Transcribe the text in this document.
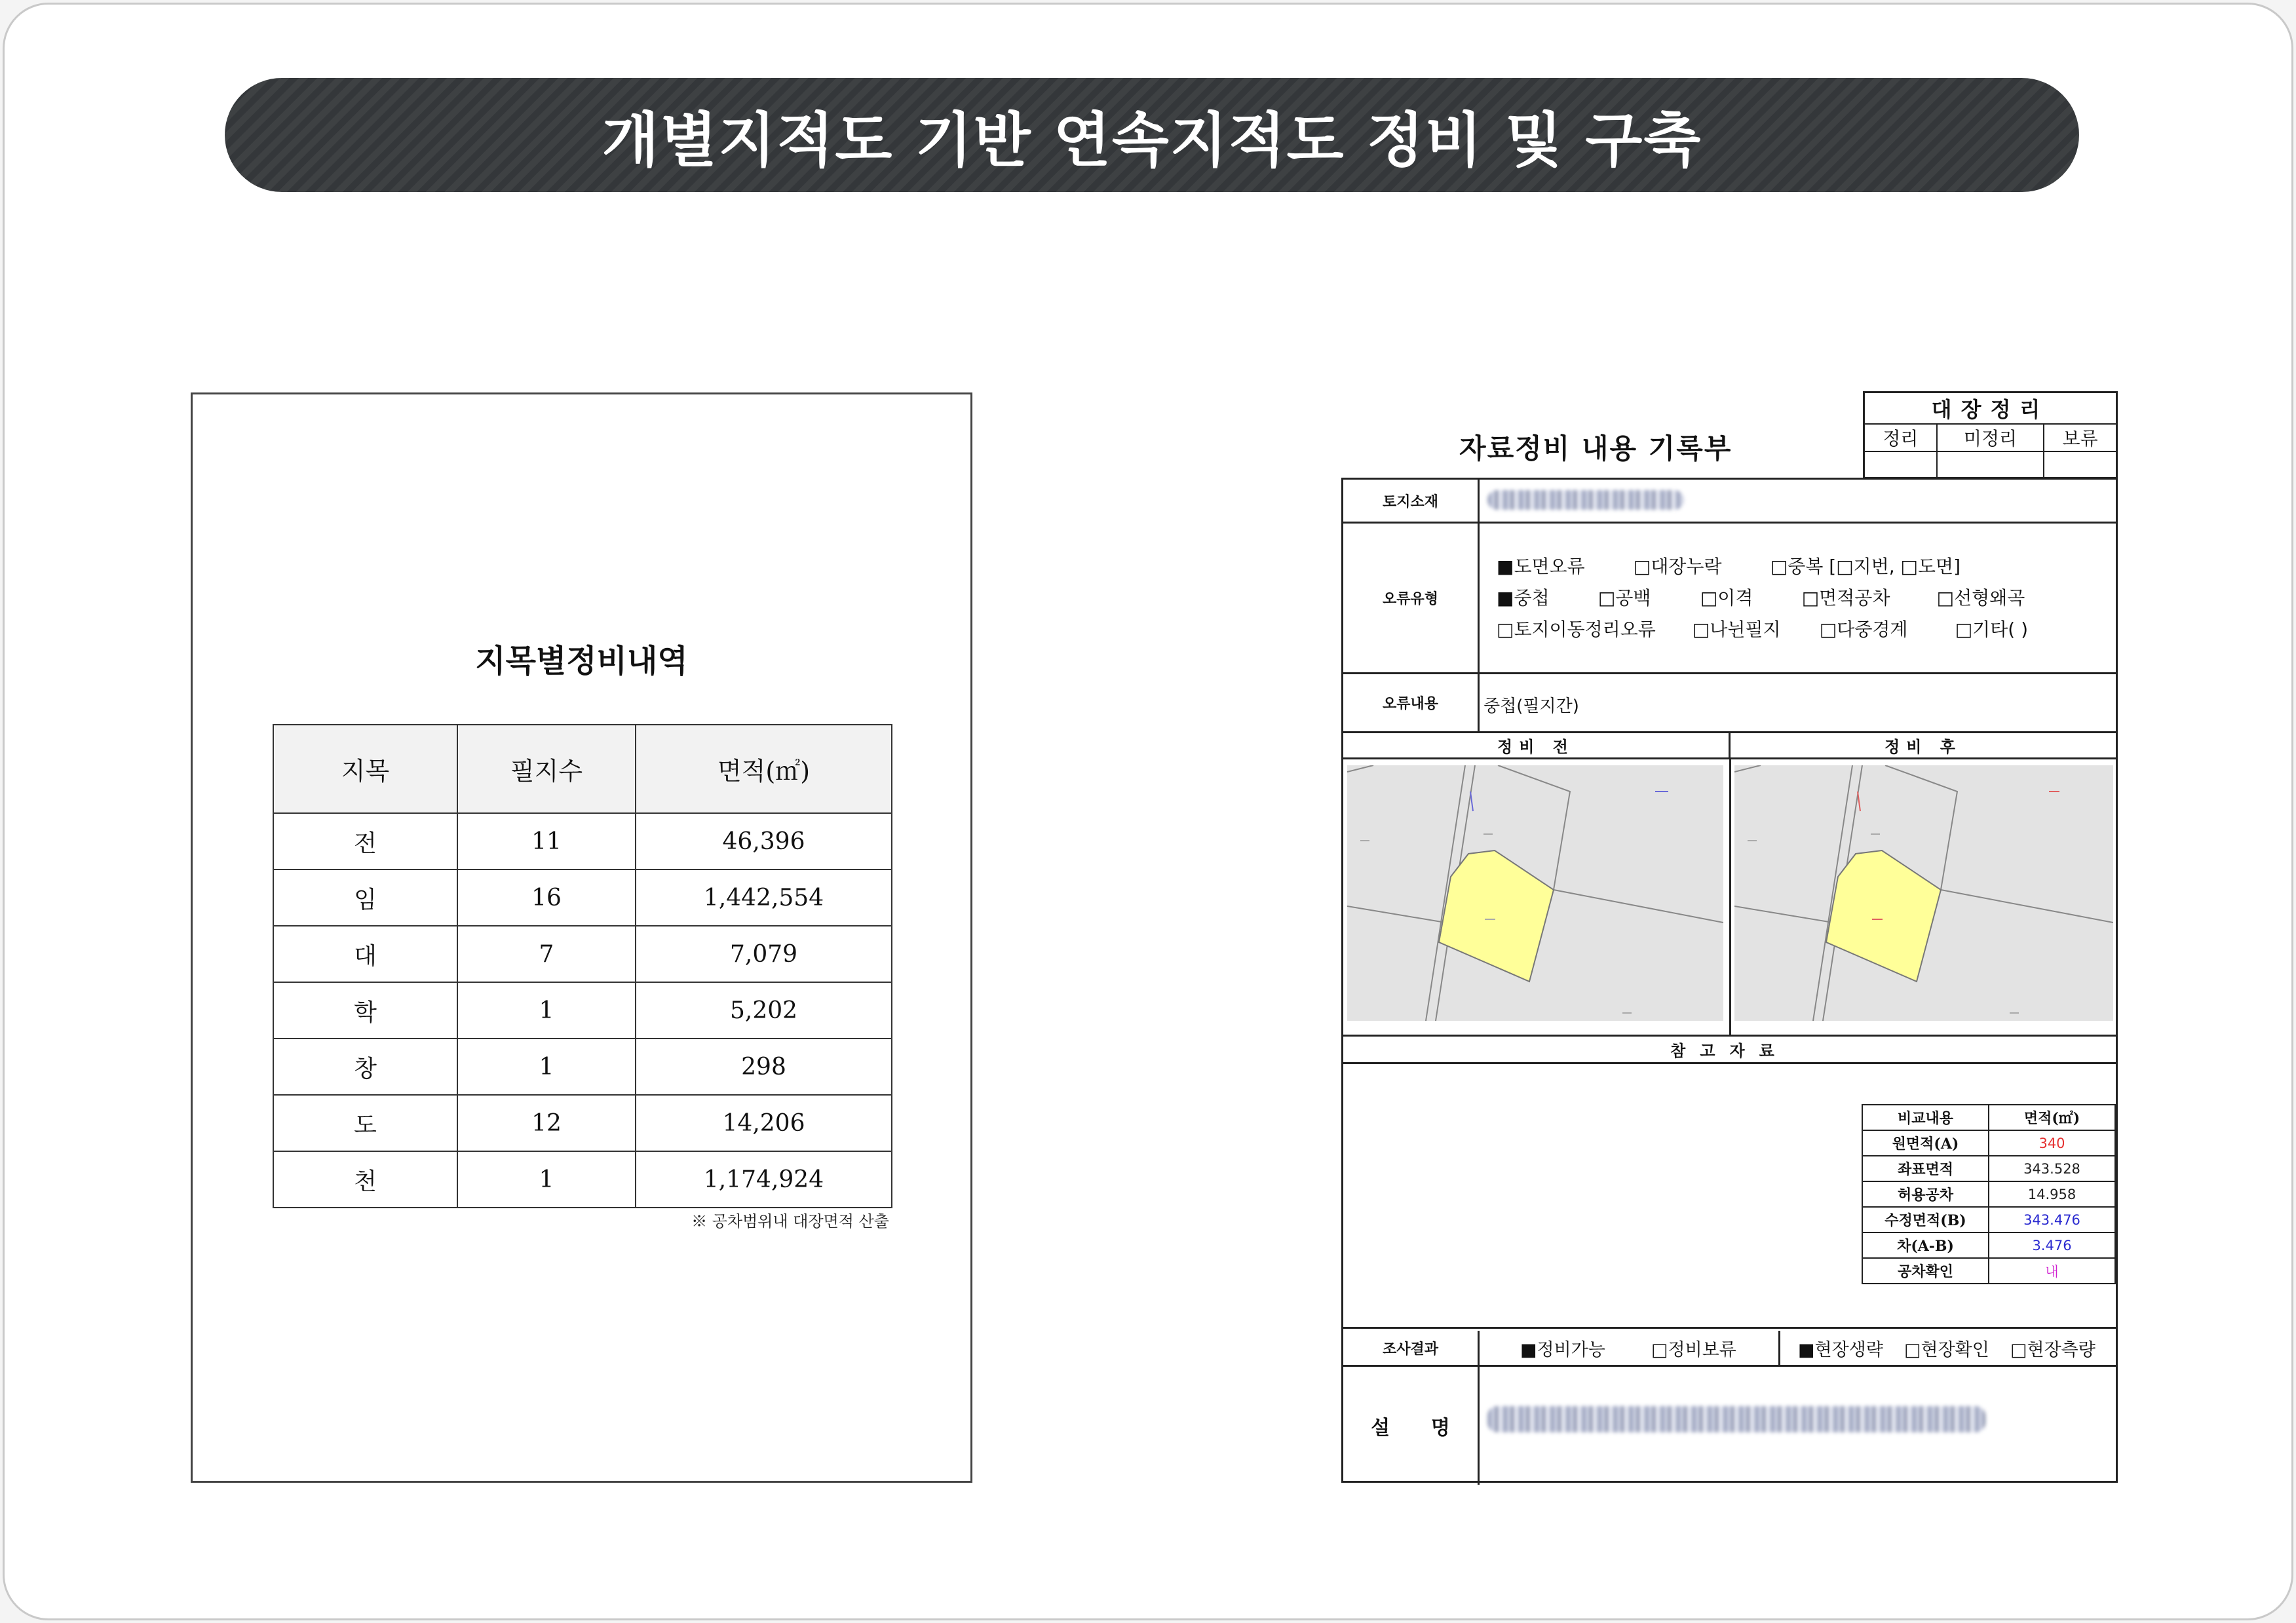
개별지적도 기반 연속지적도 정비 및 구축
지목별정비내역
지목	필지수	면적(㎡)
전	11	46,396
임	16	1,442,554
대	7	7,079
학	1	5,202
창	1	298
도	12	14,206
천	1	1,174,924
※ 공차범위내 대장면적 산출
자료정비 내용 기록부
대장정리		
정리	미정리	보류

토지소재
오류유형
■도면오류	□대장누락	□중복 [□지번, □도면]
■중첩	□공백	□이격	□면적공차	□선형왜곡
□토지이동정리오류 □나뉜필지 □다중경계	□기타( )
오류내용	중첩(필지간)
정비 전	정비 후
참고자료
비교내용	면적(㎡)
원면적(A)	340
좌표면적	343.528
허용공차	14.958
수정면적(B)	343.476
차(A-B)	3.476
공차확인	내
조사결과	■정비가능	□정비보류	■현장생략	□현장확인	□현장측량
설      명
